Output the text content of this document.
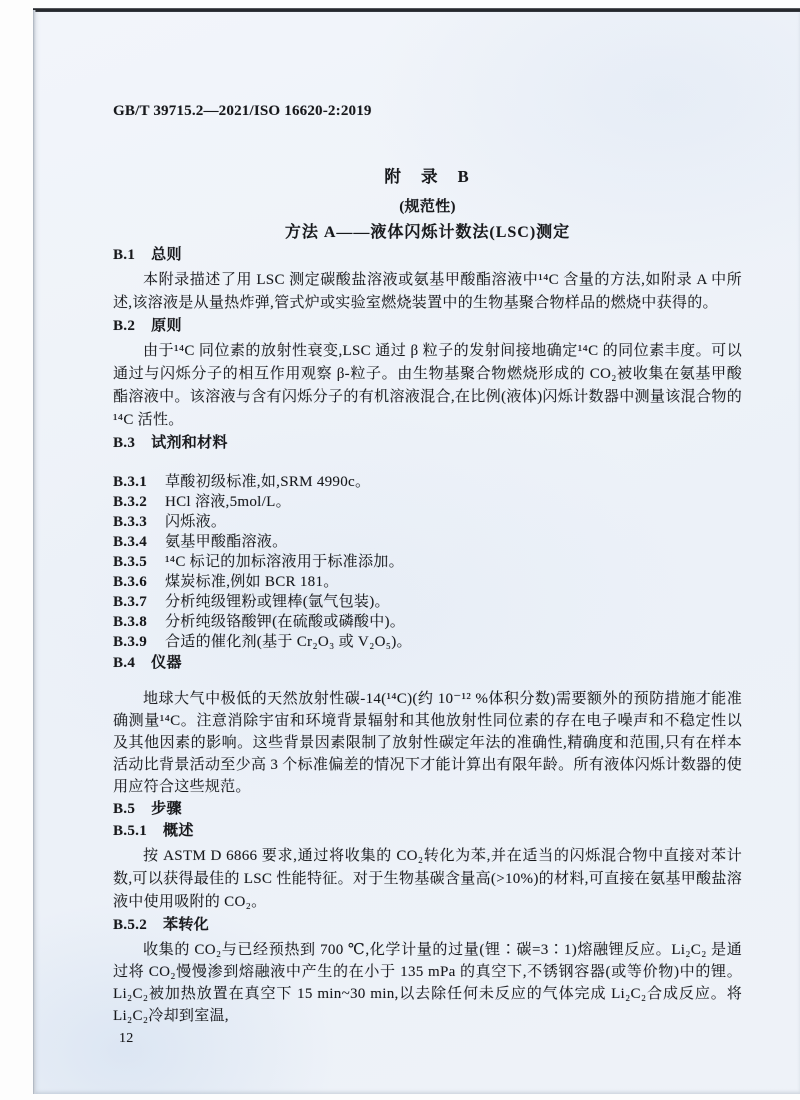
GB/T 39715.2—2021/ISO 16620-2:2019
附 录 B
(规范性)
方法 A——液体闪烁计数法(LSC)测定
B.1 总则

本附录描述了用 LSC 测定碳酸盐溶液或氨基甲酸酯溶液中¹⁴C 含量的方法,如附录 A 中所述,该溶液是从量热炸弹,管式炉或实验室燃烧装置中的生物基聚合物样品的燃烧中获得的。

B.2 原则

由于¹⁴C 同位素的放射性衰变,LSC 通过 β 粒子的发射间接地确定¹⁴C 的同位素丰度。可以通过与闪烁分子的相互作用观察 β-粒子。由生物基聚合物燃烧形成的 CO₂被收集在氨基甲酸酯溶液中。该溶液与含有闪烁分子的有机溶液混合,在比例(液体)闪烁计数器中测量该混合物的¹⁴C 活性。

B.3 试剂和材料
B.3.1 草酸初级标准,如,SRM 4990c。
B.3.2 HCl 溶液,5mol/L。
B.3.3 闪烁液。
B.3.4 氨基甲酸酯溶液。
B.3.5 ¹⁴C 标记的加标溶液用于标准添加。
B.3.6 煤炭标准,例如 BCR 181。
B.3.7 分析纯级锂粉或锂棒(氩气包装)。
B.3.8 分析纯级铬酸钾(在硫酸或磷酸中)。
B.3.9 合适的催化剂(基于 Cr₂O₃ 或 V₂O₅)。
B.4 仪器

地球大气中极低的天然放射性碳-14(¹⁴C)(约 10⁻¹² %体积分数)需要额外的预防措施才能准确测量¹⁴C。注意消除宇宙和环境背景辐射和其他放射性同位素的存在电子噪声和不稳定性以及其他因素的影响。这些背景因素限制了放射性碳定年法的准确性,精确度和范围,只有在样本活动比背景活动至少高 3 个标准偏差的情况下才能计算出有限年龄。所有液体闪烁计数器的使用应符合这些规范。

B.5 步骤
B.5.1 概述

按 ASTM D 6866 要求,通过将收集的 CO₂转化为苯,并在适当的闪烁混合物中直接对苯计数,可以获得最佳的 LSC 性能特征。对于生物基碳含量高(>10%)的材料,可直接在氨基甲酸盐溶液中使用吸附的 CO₂。

B.5.2 苯转化

收集的 CO₂与已经预热到 700 ℃,化学计量的过量(锂∶碳=3∶1)熔融锂反应。Li₂C₂ 是通过将 CO₂慢慢渗到熔融液中产生的在小于 135 mPa 的真空下,不锈钢容器(或等价物)中的锂。Li₂C₂被加热放置在真空下 15 min~30 min,以去除任何未反应的气体完成 Li₂C₂合成反应。将 Li₂C₂冷却到室温,

12
